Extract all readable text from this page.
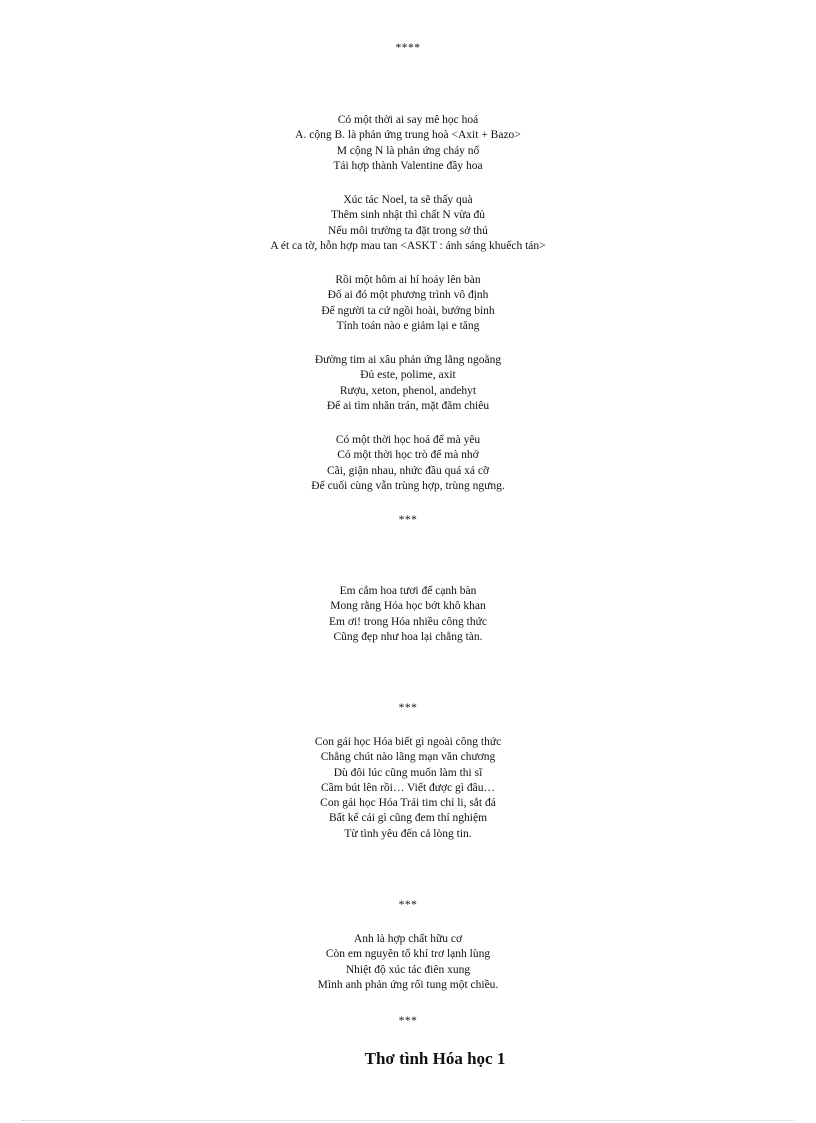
****
Có một thời ai say mê học hoá
A. cộng B. là phản ứng trung hoà <Axit + Bazo>
M cộng N là phản ứng cháy nổ
Tái hợp thành Valentine đầy hoa
Xúc tác Noel, ta sẽ thấy quà
Thêm sinh nhật thì chất N vừa đủ
Nếu môi trường ta đặt trong sở thú
A ét ca tờ, hỗn hợp mau tan <ASKT : ánh sáng khuếch tán>
Rồi một hôm ai hí hoáy lên bàn
Đố ai đó một phương trình vô định
Để người ta cứ ngồi hoài, bướng bỉnh
Tính toán nào e giảm lại e tăng
Đường tim ai xâu phản ứng lằng ngoằng
Đủ este, polime, axit
Rượu, xeton, phenol, andehyt
Để ai tìm nhăn trán, mặt đăm chiêu
Có một thời học hoá để mà yêu
Có một thời học trò để mà nhớ
Cãi, giận nhau, nhức đầu quá xá cỡ
Để cuối cùng vẫn trùng hợp, trùng ngưng.
***
Em cắm hoa tươi để cạnh bàn
Mong rằng Hóa học bớt khô khan
Em ơi! trong Hóa nhiều công thức
Cũng đẹp như hoa lại chẳng tàn.
***
Con gái học Hóa biết gì ngoài công thức
Chẳng chút nào lãng mạn văn chương
Dù đôi lúc cũng muốn làm thi sĩ
Cầm bút lên rồi… Viết được gì đâu…
Con gái học Hóa Trái tim chỉ li, sắt đá
Bất kể cái gì cũng đem thí nghiệm
Từ tình yêu đến cả lòng tin.
***
Anh là hợp chất hữu cơ
Còn em nguyên tố khí trơ lạnh lùng
Nhiệt độ xúc tác điên xung
Mình anh phản ứng rối tung một chiều.
***
Thơ tình Hóa học 1
